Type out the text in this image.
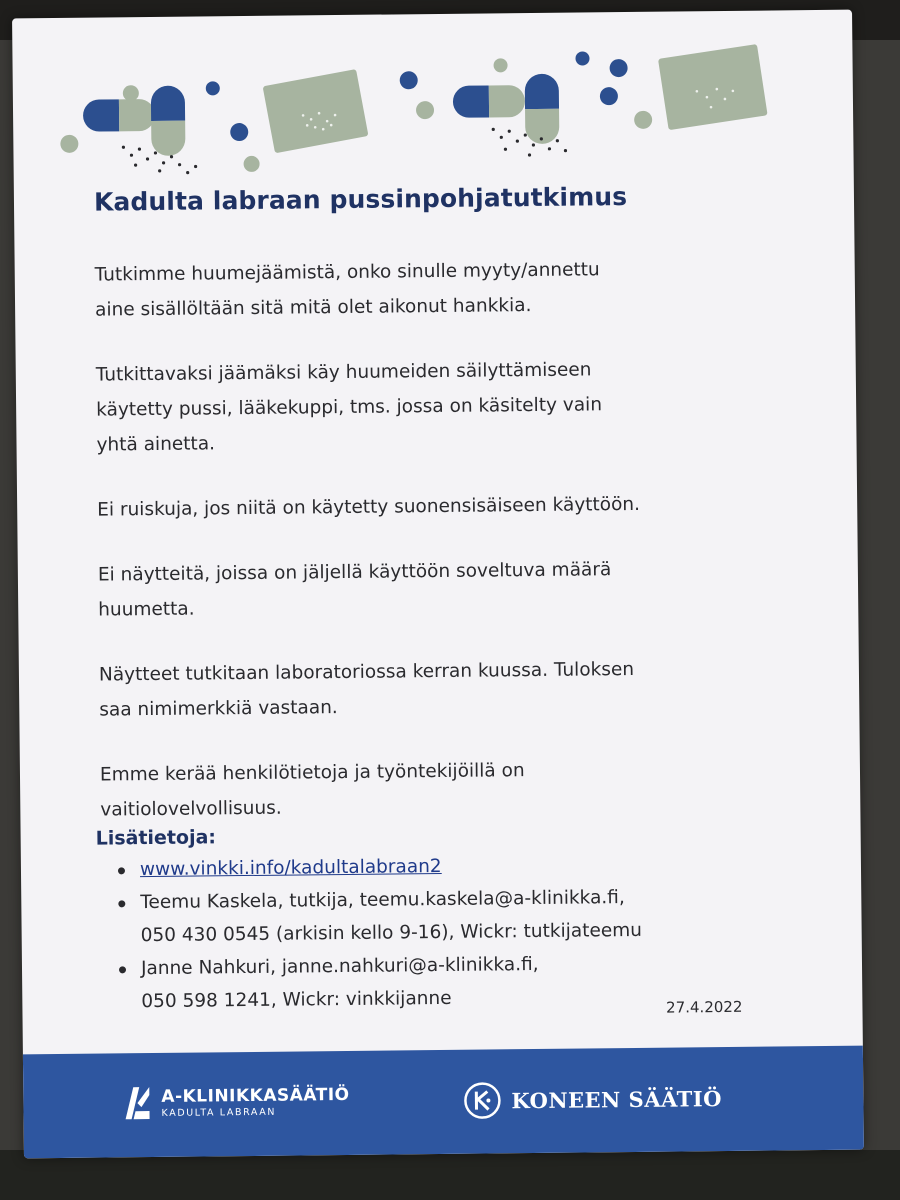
Kadulta labraan pussinpohjatutkimus

Tutkimme huumejäämistä, onko sinulle myyty/annettu
aine sisällöltään sitä mitä olet aikonut hankkia.

Tutkittavaksi jäämäksi käy huumeiden säilyttämiseen
käytetty pussi, lääkekuppi, tms. jossa on käsitelty vain
yhtä ainetta.

Ei ruiskuja, jos niitä on käytetty suonensisäiseen käyttöön.

Ei näytteitä, joissa on jäljellä käyttöön soveltuva määrä
huumetta.

Näytteet tutkitaan laboratoriossa kerran kuussa. Tuloksen
saa nimimerkkiä vastaan.

Emme kerää henkilötietoja ja työntekijöillä on
vaitiolovelvollisuus.

Lisätietoja:

www.vinkki.info/kadultalabraan2
Teemu Kaskela, tutkija, teemu.kaskela@a-klinikka.fi,
050 430 0545 (arkisin kello 9-16), Wickr: tutkijateemu
Janne Nahkuri, janne.nahkuri@a-klinikka.fi,
050 598 1241, Wickr: vinkkijanne	27.4.2022
A-KLINIKKASÄÄTIÖ
KADULTA LABRAAN
KONEEN SÄÄTIÖ
